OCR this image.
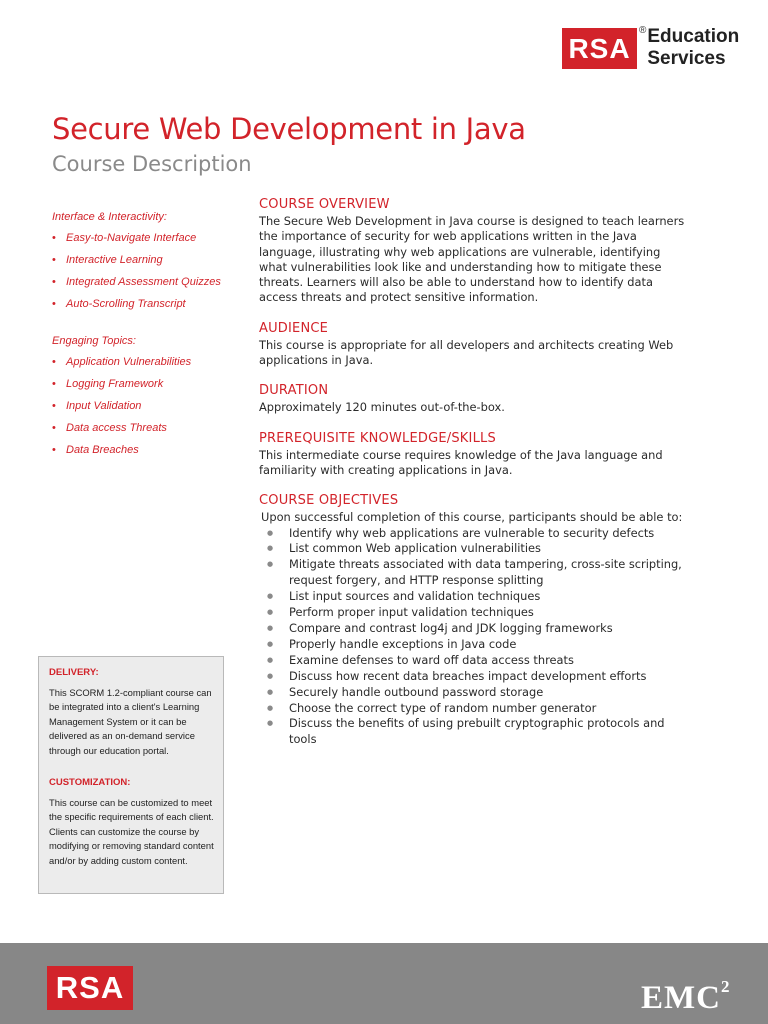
RSA
® Education
Services
Secure Web Development in Java
Course Description
Interface & Interactivity:
• Easy-to-Navigate Interface
• Interactive Learning
• Integrated Assessment Quizzes
• Auto-Scrolling Transcript
Engaging Topics:
• Application Vulnerabilities
• Logging Framework
• Input Validation
• Data access Threats
• Data Breaches
DELIVERY:
This SCORM 1.2-compliant course can be integrated into a client's Learning Management System or it can be delivered as an on-demand service through our education portal.
CUSTOMIZATION:
This course can be customized to meet the specific requirements of each client. Clients can customize the course by modifying or removing standard content and/or by adding custom content.
COURSE OVERVIEW

The Secure Web Development in Java course is designed to teach learners the importance of security for web applications written in the Java language, illustrating why web applications are vulnerable, identifying what vulnerabilities look like and understanding how to mitigate these threats. Learners will also be able to understand how to identify data access threats and protect sensitive information.

AUDIENCE

This course is appropriate for all developers and architects creating Web applications in Java.

DURATION

Approximately 120 minutes out-of-the-box.

PREREQUISITE KNOWLEDGE/SKILLS

This intermediate course requires knowledge of the Java language and familiarity with creating applications in Java.

COURSE OBJECTIVES

Upon successful completion of this course, participants should be able to:

● Identify why web applications are vulnerable to security defects
● List common Web application vulnerabilities
● Mitigate threats associated with data tampering, cross-site scripting, request forgery, and HTTP response splitting
● List input sources and validation techniques
● Perform proper input validation techniques
● Compare and contrast log4j and JDK logging frameworks
● Properly handle exceptions in Java code
● Examine defenses to ward off data access threats
● Discuss how recent data breaches impact development efforts
● Securely handle outbound password storage
● Choose the correct type of random number generator
● Discuss the benefits of using prebuilt cryptographic protocols and tools
RSA	EMC$^2$
